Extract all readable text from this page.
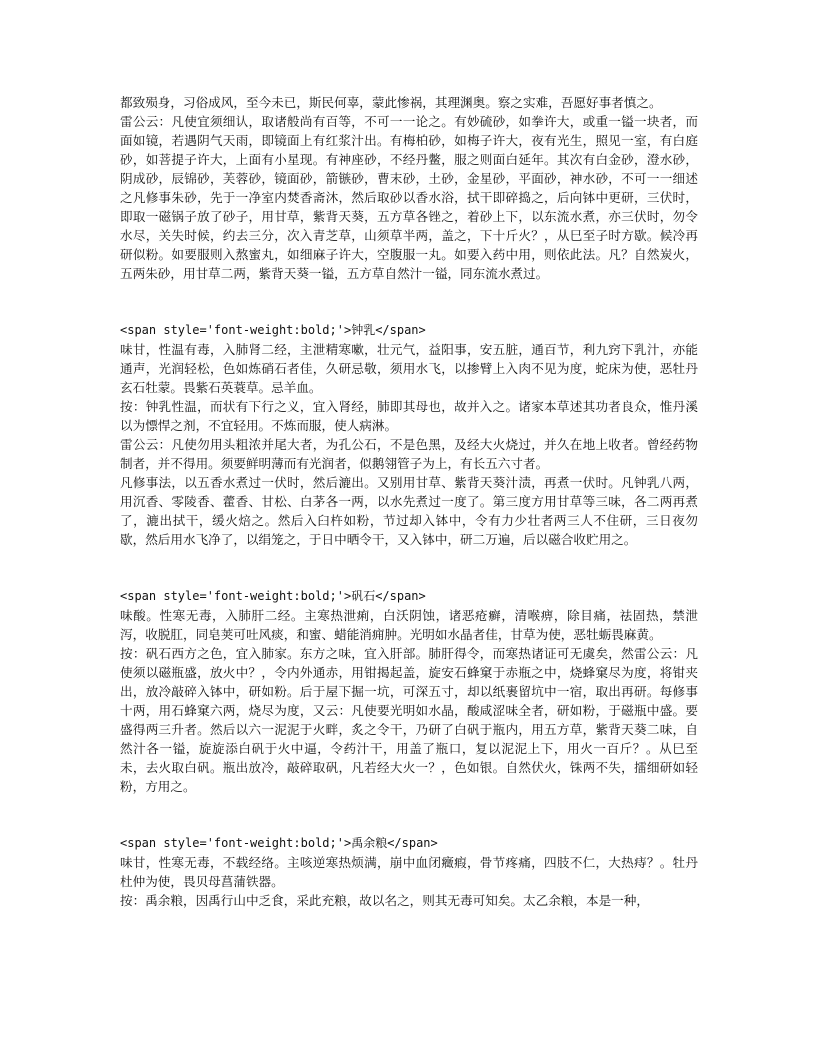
都致殒身，习俗成风，至今未已，斯民何辜，蒙此惨祸，其理渊奥。察之实难，吾愿好事者慎之。

雷公云：凡使宜须细认，取诸般尚有百等，不可一一论之。有妙硫砂，如拳许大，或重一镒一块者，而面如镜，若遇阴气天雨，即镜面上有红浆汁出。有梅柏砂，如梅子许大，夜有光生，照见一室，有白庭砂，如菩提子许大，上面有小星现。有神座砂，不经丹鳖，服之则面白延年。其次有白金砂，澄水砂，阴成砂，辰锦砂，芙蓉砂，镜面砂，箭镞砂，曹末砂，土砂，金星砂，平面砂，神水砂，不可一一细述之凡修事朱砂，先于一净室内焚香斋沐，然后取砂以香水浴，拭干即碎捣之，后向钵中更研，三伏时，即取一磁锅子放了砂子，用甘草，紫背天葵，五方草各锉之，着砂上下，以东流水煮，亦三伏时，勿令水尽，关失时候，约去三分，次入青芝草，山须草半两，盖之，下十斤火？，从巳至子时方歇。候冷再研似粉。如要服则入熬蜜丸，如细麻子许大，空腹服一丸。如要入药中用，则依此法。凡？自然炭火，五两朱砂，用甘草二两，紫背天葵一镒，五方草自然汁一镒，同东流水煮过。

<span style='font-weight:bold;'>钟乳</span>

味甘，性温有毒，入肺肾二经，主泄精寒嗽，壮元气，益阳事，安五脏，通百节，利九窍下乳汁，亦能通声，光润轻松，色如炼硝石者佳，久研忌敬，须用水飞，以掺臂上入肉不见为度，蛇床为使，恶牡丹玄石牡蒙。畏紫石英蓑草。忌羊血。

按：钟乳性温，而状有下行之义，宜入肾经，肺即其母也，故并入之。诸家本草述其功者良众，惟丹溪以为慓悍之剂，不宜轻用。不炼而服，使人病淋。

雷公云：凡使勿用头粗浓并尾大者，为孔公石，不是色黑，及经大火烧过，并久在地上收者。曾经药物制者，并不得用。须要鲜明薄而有光润者，似鹅翎管子为上，有长五六寸者。

凡修事法，以五香水煮过一伏时，然后漉出。又别用甘草、紫背天葵汁渍，再煮一伏时。凡钟乳八两，用沉香、零陵香、藿香、甘松、白茅各一两，以水先煮过一度了。第三度方用甘草等三味，各二两再煮了，漉出拭干，缓火焙之。然后入臼杵如粉，节过却入钵中，令有力少壮者两三人不住研，三日夜勿歇，然后用水飞净了，以绢笼之，于日中晒令干，又入钵中，研二万遍，后以磁合收贮用之。

<span style='font-weight:bold;'>矾石</span>

味酸。性寒无毒，入肺肝二经。主寒热泄痢，白沃阴蚀，诸恶疮癣，清喉痹，除目痛，祛固热，禁泄泻，收脱肛，同皂荚可吐风痰，和蜜、蜡能消痈肿。光明如水晶者佳，甘草为使，恶牡蛎畏麻黄。

按：矾石西方之色，宜入肺家。东方之味，宜入肝部。肺肝得令，而寒热诸证可无虞矣，然雷公云：凡使须以磁瓶盛，放火中？，令内外通赤，用钳揭起盖，旋安石蜂窠于赤瓶之中，烧蜂窠尽为度，将钳夹出，放冷敲碎入钵中，研如粉。后于屋下掘一坑，可深五寸，却以纸裹留坑中一宿，取出再研。每修事十两，用石蜂窠六两，烧尽为度，又云：凡使要光明如水晶，酸咸涩味全者，研如粉，于磁瓶中盛。要盛得两三升者。然后以六一泥泥于火畔，炙之令干，乃研了白矾于瓶内，用五方草，紫背天葵二味，自然汁各一镒，旋旋添白矾于火中逼，令药汁干，用盖了瓶口，复以泥泥上下，用火一百斤？。从巳至未，去火取白矾。瓶出放冷，敲碎取矾，凡若经大火一？，色如银。自然伏火，铢两不失，擂细研如轻粉，方用之。

<span style='font-weight:bold;'>禹余粮</span>

味甘，性寒无毒，不载经络。主咳逆寒热烦满，崩中血闭癥瘕，骨节疼痛，四肢不仁，大热痔？。牡丹杜仲为使，畏贝母菖蒲铁器。

按：禹余粮，因禹行山中乏食，采此充粮，故以名之，则其无毒可知矣。太乙余粮，本是一种，
